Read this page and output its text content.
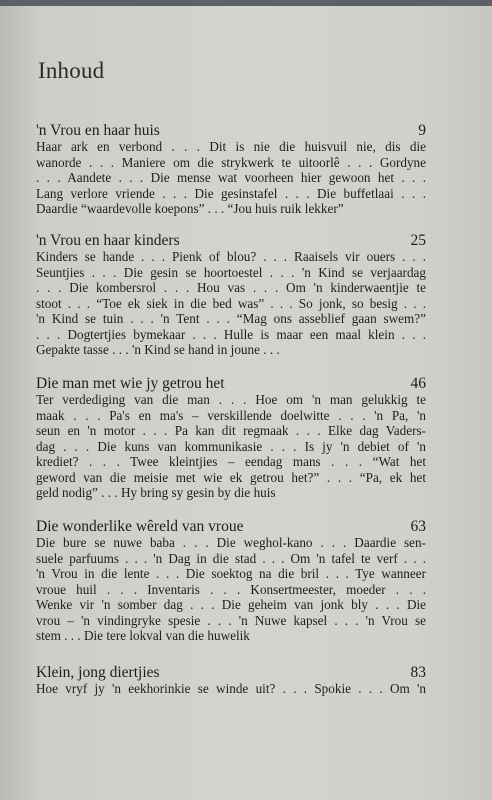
Inhoud
'n Vrou en haar huis	9
Haar ark en verbond . . . Dit is nie die huisvuil nie, dis die
wanorde . . . Maniere om die strykwerk te uitoorlê . . . Gordyne
. . . Aandete . . . Die mense wat voorheen hier gewoon het . . .
Lang verlore vriende . . . Die gesinstafel . . . Die buffetlaai . . .
Daardie “waardevolle koepons” . . . “Jou huis ruik lekker”
'n Vrou en haar kinders	25
Kinders se hande . . . Pienk of blou? . . . Raaisels vir ouers . . .
Seuntjies . . . Die gesin se hoortoestel . . . 'n Kind se verjaardag
. . . Die kombersrol . . . Hou vas . . . Om 'n kinderwaentjie te
stoot . . . “Toe ek siek in die bed was” . . . So jonk, so besig . . .
'n Kind se tuin . . . 'n Tent . . . “Mag ons asseblief gaan swem?”
. . . Dogtertjies bymekaar . . . Hulle is maar een maal klein . . .
Gepakte tasse . . . 'n Kind se hand in joune . . .
Die man met wie jy getrou het	46
Ter verdediging van die man . . . Hoe om 'n man gelukkig te
maak . . . Pa's en ma's – verskillende doelwitte . . . 'n Pa, 'n
seun en 'n motor . . . Pa kan dit regmaak . . . Elke dag Vaders-
dag . . . Die kuns van kommunikasie . . . Is jy 'n debiet of 'n
krediet? . . . Twee kleintjies – eendag mans . . . “Wat het
geword van die meisie met wie ek getrou het?” . . . “Pa, ek het
geld nodig” . . . Hy bring sy gesin by die huis
Die wonderlike wêreld van vroue	63
Die bure se nuwe baba . . . Die weghol-kano . . . Daardie sen-
suele parfuums . . . 'n Dag in die stad . . . Om 'n tafel te verf . . .
'n Vrou in die lente . . . Die soektog na die bril . . . Tye wanneer
vroue huil . . . Inventaris . . . Konsertmeester, moeder . . .
Wenke vir 'n somber dag . . . Die geheim van jonk bly . . . Die
vrou – 'n vindingryke spesie . . . 'n Nuwe kapsel . . . 'n Vrou se
stem . . . Die tere lokval van die huwelik
Klein, jong diertjies	83
Hoe vryf jy 'n eekhorinkie se winde uit? . . . Spokie . . . Om 'n
